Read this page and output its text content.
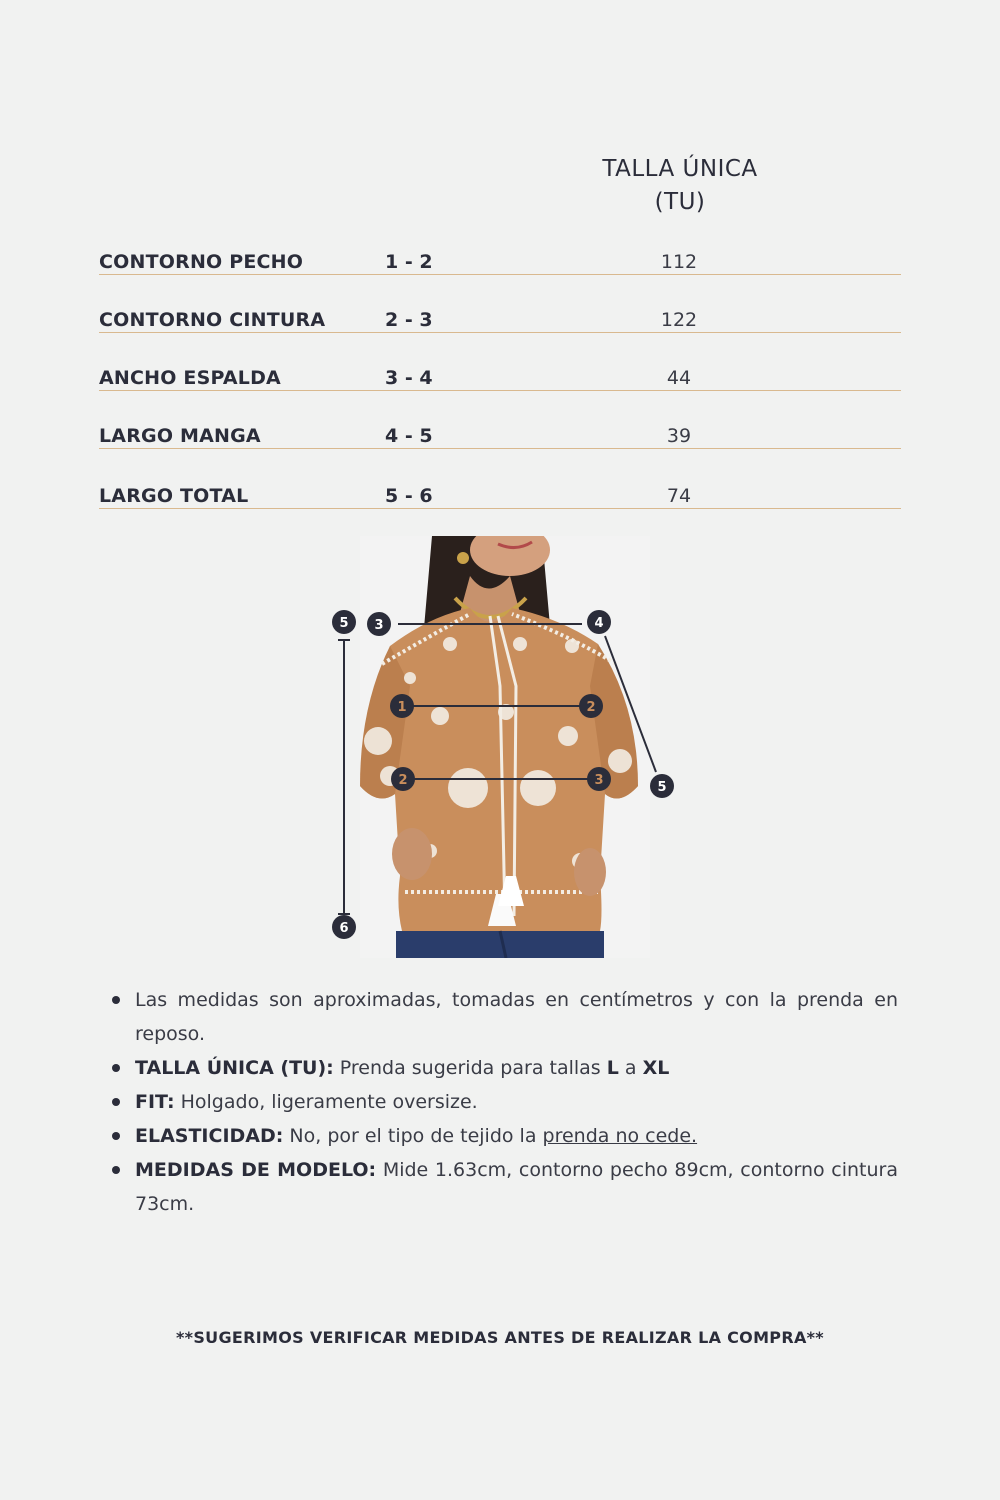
TALLA ÚNICA
(TU)
CONTORNO PECHO	1 - 2	112
CONTORNO CINTURA	2 - 3	122
ANCHO ESPALDA	3 - 4	44
LARGO MANGA	4 - 5	39
LARGO TOTAL	5 - 6	74
5 3	4
1	2
2	3	5
6
Las medidas son aproximadas, tomadas en centímetros y con la prenda en reposo.
TALLA ÚNICA (TU): Prenda sugerida para tallas L a XL
FIT: Holgado, ligeramente oversize.
ELASTICIDAD: No, por el tipo de tejido la prenda no cede.
MEDIDAS DE MODELO: Mide 1.63cm, contorno pecho 89cm, contorno cintura 73cm.
**SUGERIMOS VERIFICAR MEDIDAS ANTES DE REALIZAR LA COMPRA**
